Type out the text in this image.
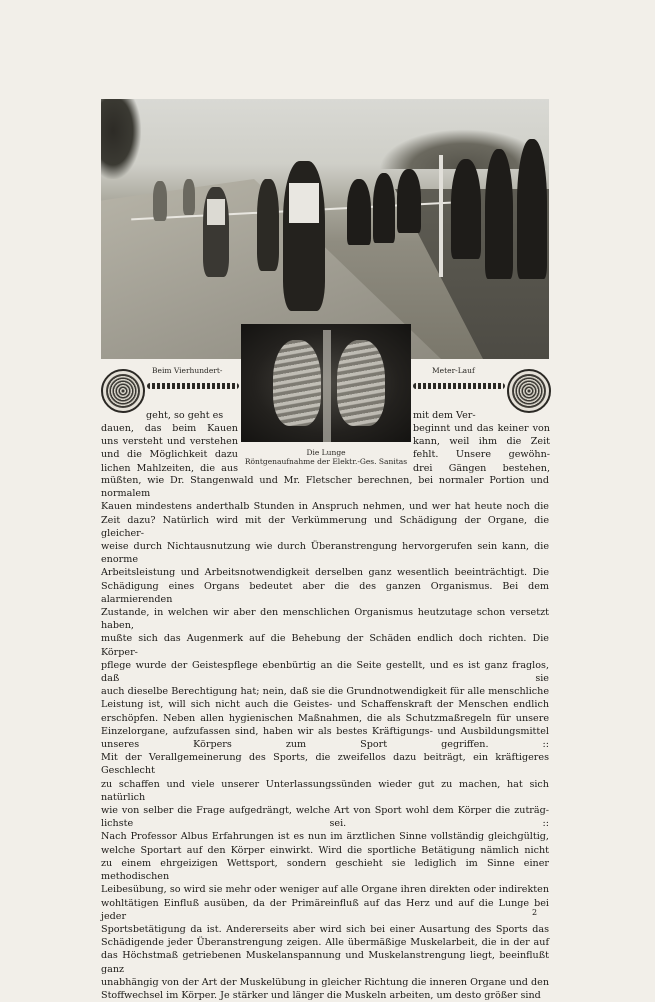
Beim Vierhundert-	Meter-Lauf
Die Lunge
Röntgenaufnahme der Elektr.-Ges. Sanitas

geht, so geht es

dauen, das beim Kauen

uns versteht und verstehen

und die Möglichkeit dazu

lichen Mahlzeiten, die aus

mit dem Ver-

beginnt und das keiner von

kann, weil ihm die Zeit

fehlt. Unsere gewöhn-

drei Gängen bestehen,

müßten, wie Dr. Stangenwald und Mr. Fletscher berechnen, bei normaler Portion und normalem

Kauen mindestens anderthalb Stunden in Anspruch nehmen, und wer hat heute noch die

Zeit dazu? Natürlich wird mit der Verkümmerung und Schädigung der Organe, die gleicher-

weise durch Nichtausnutzung wie durch Überanstrengung hervorgerufen sein kann, die enorme

Arbeitsleistung und Arbeitsnotwendigkeit derselben ganz wesentlich beeinträchtigt. Die

Schädigung eines Organs bedeutet aber die des ganzen Organismus. Bei dem alarmierenden

Zustande, in welchen wir aber den menschlichen Organismus heutzutage schon versetzt haben,

mußte sich das Augenmerk auf die Behebung der Schäden endlich doch richten. Die Körper-

pflege wurde der Geistespflege ebenbürtig an die Seite gestellt, und es ist ganz fraglos, daß sie

auch dieselbe Berechtigung hat; nein, daß sie die Grundnotwendigkeit für alle menschliche

Leistung ist, will sich nicht auch die Geistes- und Schaffenskraft der Menschen endlich

erschöpfen. Neben allen hygienischen Maßnahmen, die als Schutzmaßregeln für unsere

Einzelorgane, aufzufassen sind, haben wir als bestes Kräftigungs- und Ausbildungsmittel

unseres Körpers zum Sport gegriffen. ::

Mit der Verallgemeinerung des Sports, die zweifellos dazu beiträgt, ein kräftigeres Geschlecht

zu schaffen und viele unserer Unterlassungssünden wieder gut zu machen, hat sich natürlich

wie von selber die Frage aufgedrängt, welche Art von Sport wohl dem Körper die zuträg-

lichste sei. ::

Nach Professor Albus Erfahrungen ist es nun im ärztlichen Sinne vollständig gleichgültig,

welche Sportart auf den Körper einwirkt. Wird die sportliche Betätigung nämlich nicht

zu einem ehrgeizigen Wettsport, sondern geschieht sie lediglich im Sinne einer methodischen

Leibesübung, so wird sie mehr oder weniger auf alle Organe ihren direkten oder indirekten

wohltätigen Einfluß ausüben, da der Primäreinfluß auf das Herz und auf die Lunge bei jeder

Sportsbetätigung da ist. Andererseits aber wird sich bei einer Ausartung des Sports das

Schädigende jeder Überanstrengung zeigen. Alle übermäßige Muskelarbeit, die in der auf

das Höchstmaß getriebenen Muskelanspannung und Muskelanstrengung liegt, beeinflußt ganz

unabhängig von der Art der Muskelübung in gleicher Richtung die inneren Organe und den

Stoffwechsel im Körper. Je stärker und länger die Muskeln arbeiten, um desto größer sind

2
